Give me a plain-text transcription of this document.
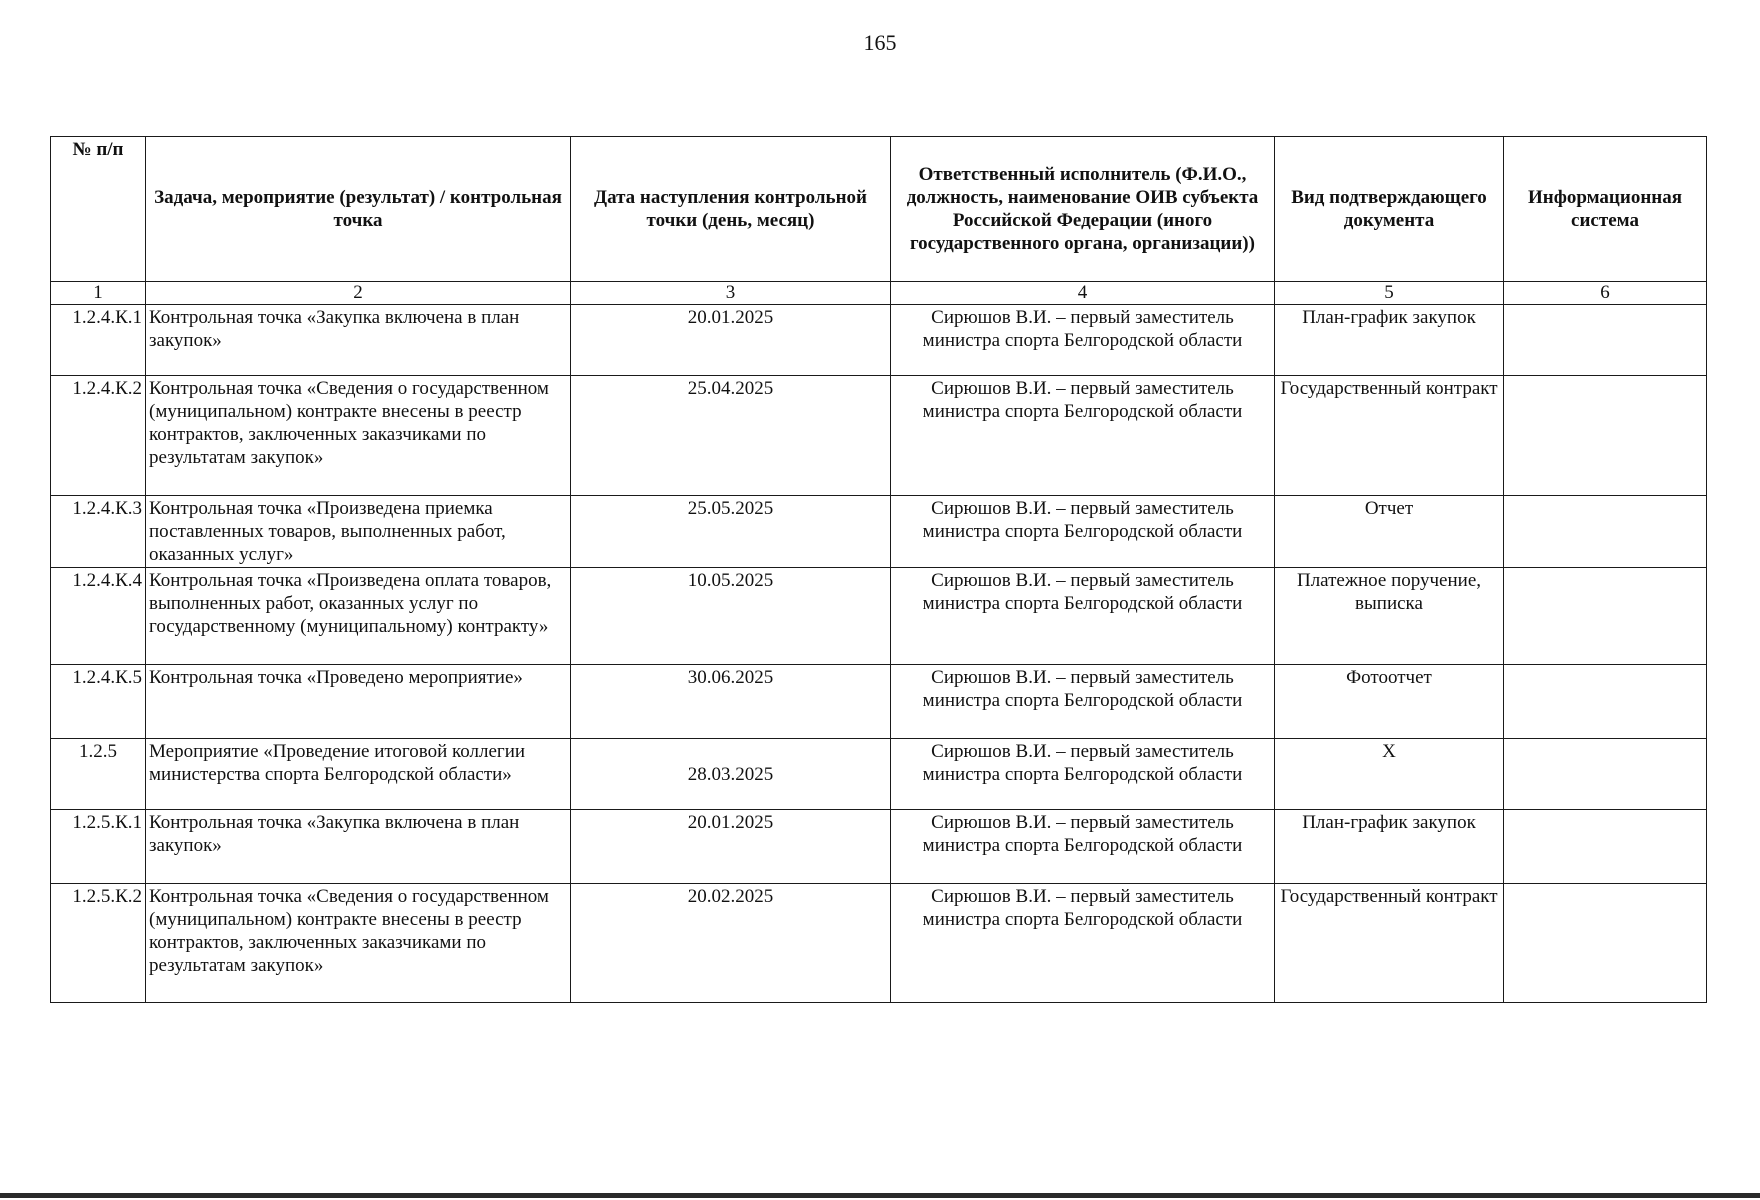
165
№ п/п	Задача, мероприятие (результат) / контрольная точка	Дата наступления контрольной точки (день, месяц)	Ответственный исполнитель (Ф.И.О., должность, наименование ОИВ субъекта Российской Федерации (иного государственного органа, организации))	Вид подтверждающего документа	Информационная система
1	2	3	4	5	6
1.2.4.К.1	Контрольная точка «Закупка включена в план закупок»	20.01.2025	Сирюшов В.И. – первый заместитель министра спорта Белгородской области	План-график закупок	
1.2.4.К.2	Контрольная точка «Сведения о государственном (муниципальном) контракте внесены в реестр контрактов, заключенных заказчиками по результатам закупок»	25.04.2025	Сирюшов В.И. – первый заместитель министра спорта Белгородской области	Государственный контракт	
1.2.4.К.3	Контрольная точка «Произведена приемка поставленных товаров, выполненных работ, оказанных услуг»	25.05.2025	Сирюшов В.И. – первый заместитель министра спорта Белгородской области	Отчет	
1.2.4.К.4	Контрольная точка «Произведена оплата товаров, выполненных работ, оказанных услуг по государственному (муниципальному) контракту»	10.05.2025	Сирюшов В.И. – первый заместитель министра спорта Белгородской области	Платежное поручение, выписка	
1.2.4.К.5	Контрольная точка «Проведено мероприятие»	30.06.2025	Сирюшов В.И. – первый заместитель министра спорта Белгородской области	Фотоотчет	
1.2.5	Мероприятие «Проведение итоговой коллегии министерства спорта Белгородской области»	28.03.2025	Сирюшов В.И. – первый заместитель министра спорта Белгородской области	Х	
1.2.5.К.1	Контрольная точка «Закупка включена в план закупок»	20.01.2025	Сирюшов В.И. – первый заместитель министра спорта Белгородской области	План-график закупок	
1.2.5.К.2	Контрольная точка «Сведения о государственном (муниципальном) контракте внесены в реестр контрактов, заключенных заказчиками по результатам закупок»	20.02.2025	Сирюшов В.И. – первый заместитель министра спорта Белгородской области	Государственный контракт	
